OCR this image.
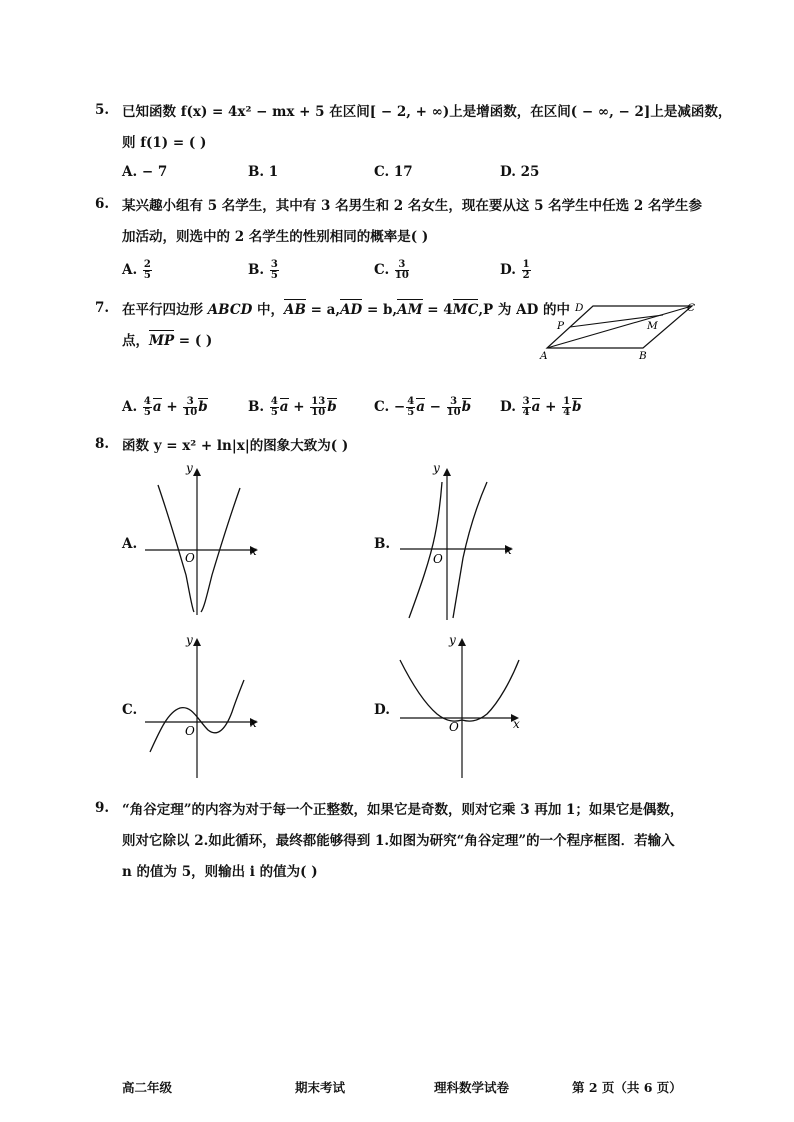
5. 已知函数 f(x) = 4x² − mx + 5 在区间[ − 2, + ∞)上是增函数，在区间( − ∞, − 2]上是减函数，
则 f(1) = ( )
A. − 7	B. 1	C. 17	D. 25
6. 某兴趣小组有 5 名学生，其中有 3 名男生和 2 名女生，现在要从这 5 名学生中任选 2 名学生参
加活动，则选中的 2 名学生的性别相同的概率是( )
A. $\frac{2}{5}$	B. $\frac{3}{5}$	C. $\frac{3}{10}$	D. $\frac{1}{2}$
7. 在平行四边形 ABCD 中，AB = a,AD = b,AM = 4MC,P 为 AD 的中
点，MP = ( )
D	C
P	M
A	B
A. $\frac{4}{5}$ $a + \frac{3}{10}$ b	B. $\frac{4}{5}$ $a + \frac{13}{10}$ b	C. − $\frac{4}{5}$ $a - \frac{3}{10}$ b D. $\frac{3}{4}$ $a + \frac{1}{4}$ b
8. 函数 y = x² + ln|x|的图象大致为( )
A.	B.
C.	D.
y
x
O
y
x
O
y
x
O
y
x
O
9. “角谷定理”的内容为对于每一个正整数，如果它是奇数，则对它乘 3 再加 1；如果它是偶数，
则对它除以 2.如此循环，最终都能够得到 1.如图为研究“角谷定理”的一个程序框图．若输入
n 的值为 5，则输出 i 的值为( )
高二年级	期末考试	理科数学试卷	第 2 页（共 6 页）
